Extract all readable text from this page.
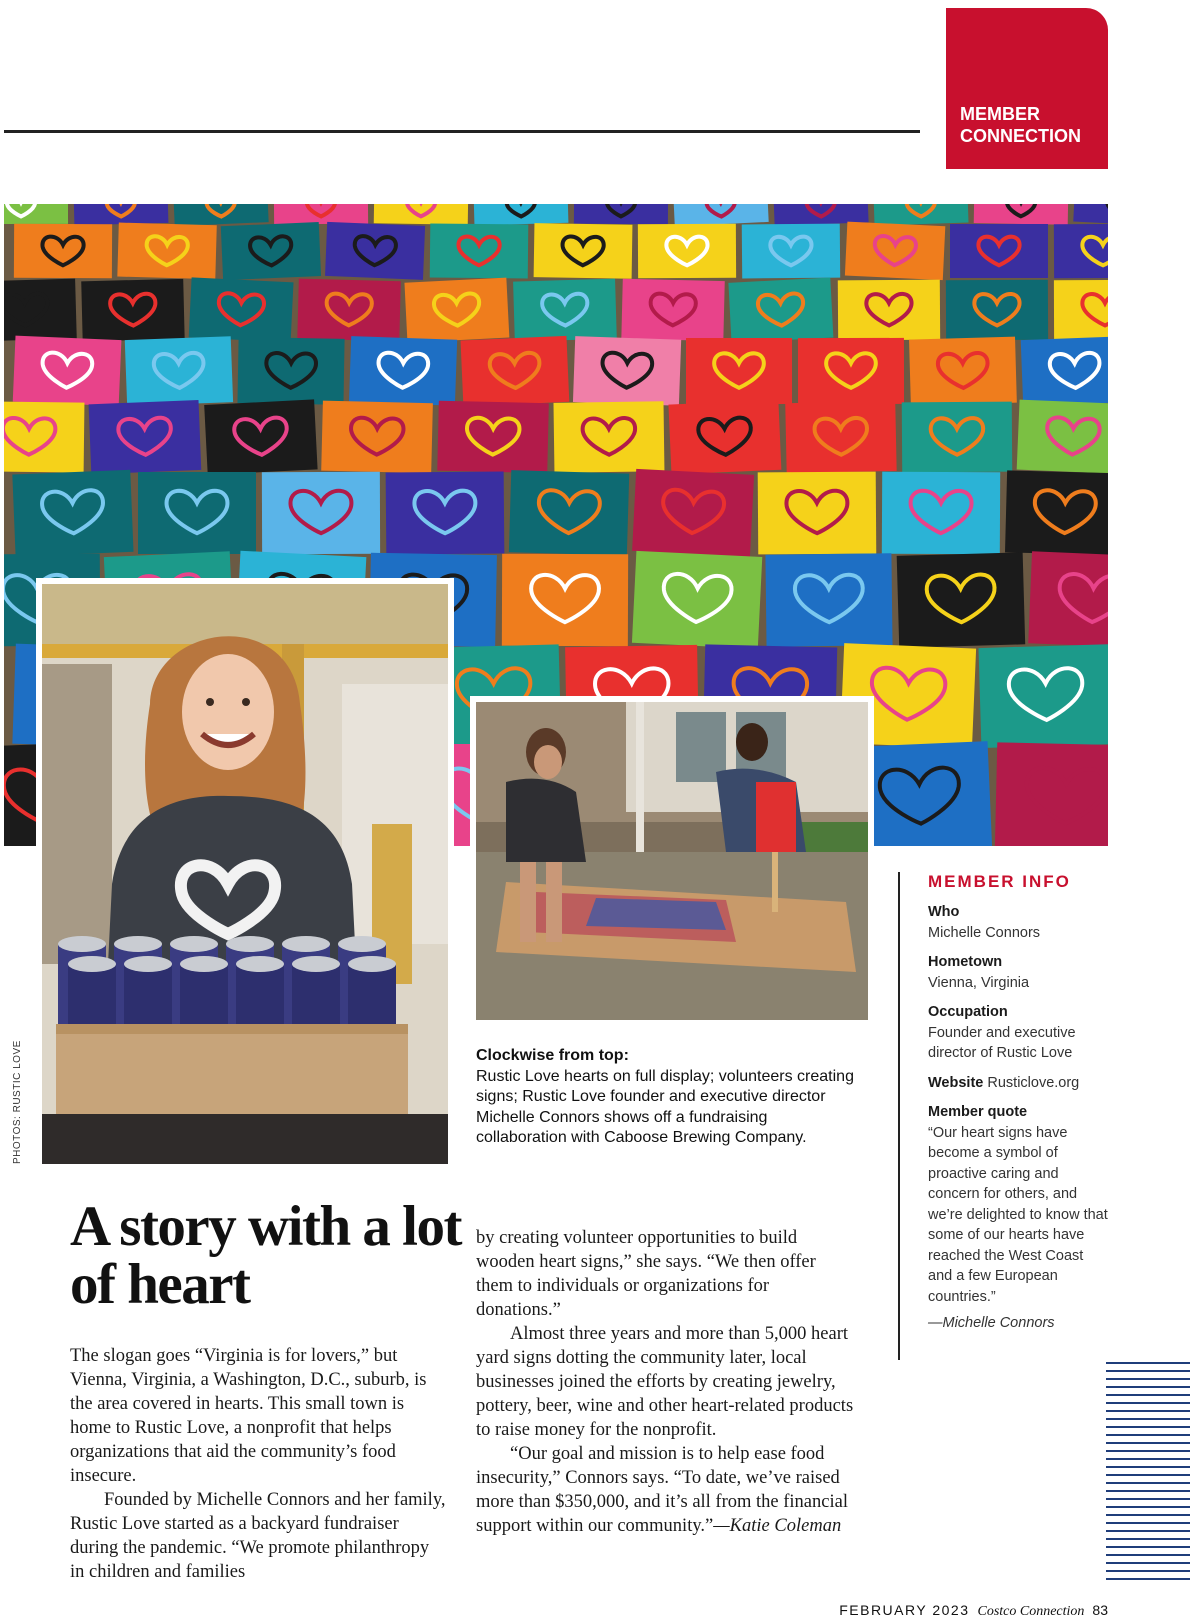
MEMBER
CONNECTION
PHOTOS: RUSTIC LOVE	Clockwise from top:
Rustic Love hearts on full display; volunteers creating signs; Rustic Love founder and executive director Michelle Connors shows off a fundraising collaboration with Caboose Brewing Company.
A story with a lot of heart

The slogan goes “Virginia is for lovers,” but Vienna, Virginia, a Washington, D.C., suburb, is the area covered in hearts. This small town is home to Rustic Love, a nonprofit that helps organizations that aid the community’s food insecure.

Founded by Michelle Connors and her family, Rustic Love started as a backyard fundraiser during the pandemic. “We promote philanthropy in children and families

by creating volunteer opportunities to build wooden heart signs,” she says. “We then offer them to individuals or organizations for donations.”

Almost three years and more than 5,000 heart yard signs dotting the community later, local businesses joined the efforts by creating jewelry, pottery, beer, wine and other heart-related products to raise money for the nonprofit.

“Our goal and mission is to help ease food insecurity,” Connors says. “To date, we’ve raised more than $350,000, and it’s all from the financial support within our community.”—Katie Coleman

MEMBER INFO
Who
Michelle Connors
Hometown
Vienna, Virginia
Occupation
Founder and executive director of Rustic Love
Website Rusticlove.org
Member quote
“Our heart signs have become a symbol of proactive caring and concern for others, and we’re delighted to know that some of our hearts have reached the West Coast and a few European countries.”
—Michelle Connors
FEBRUARY 2023 Costco Connection 83
